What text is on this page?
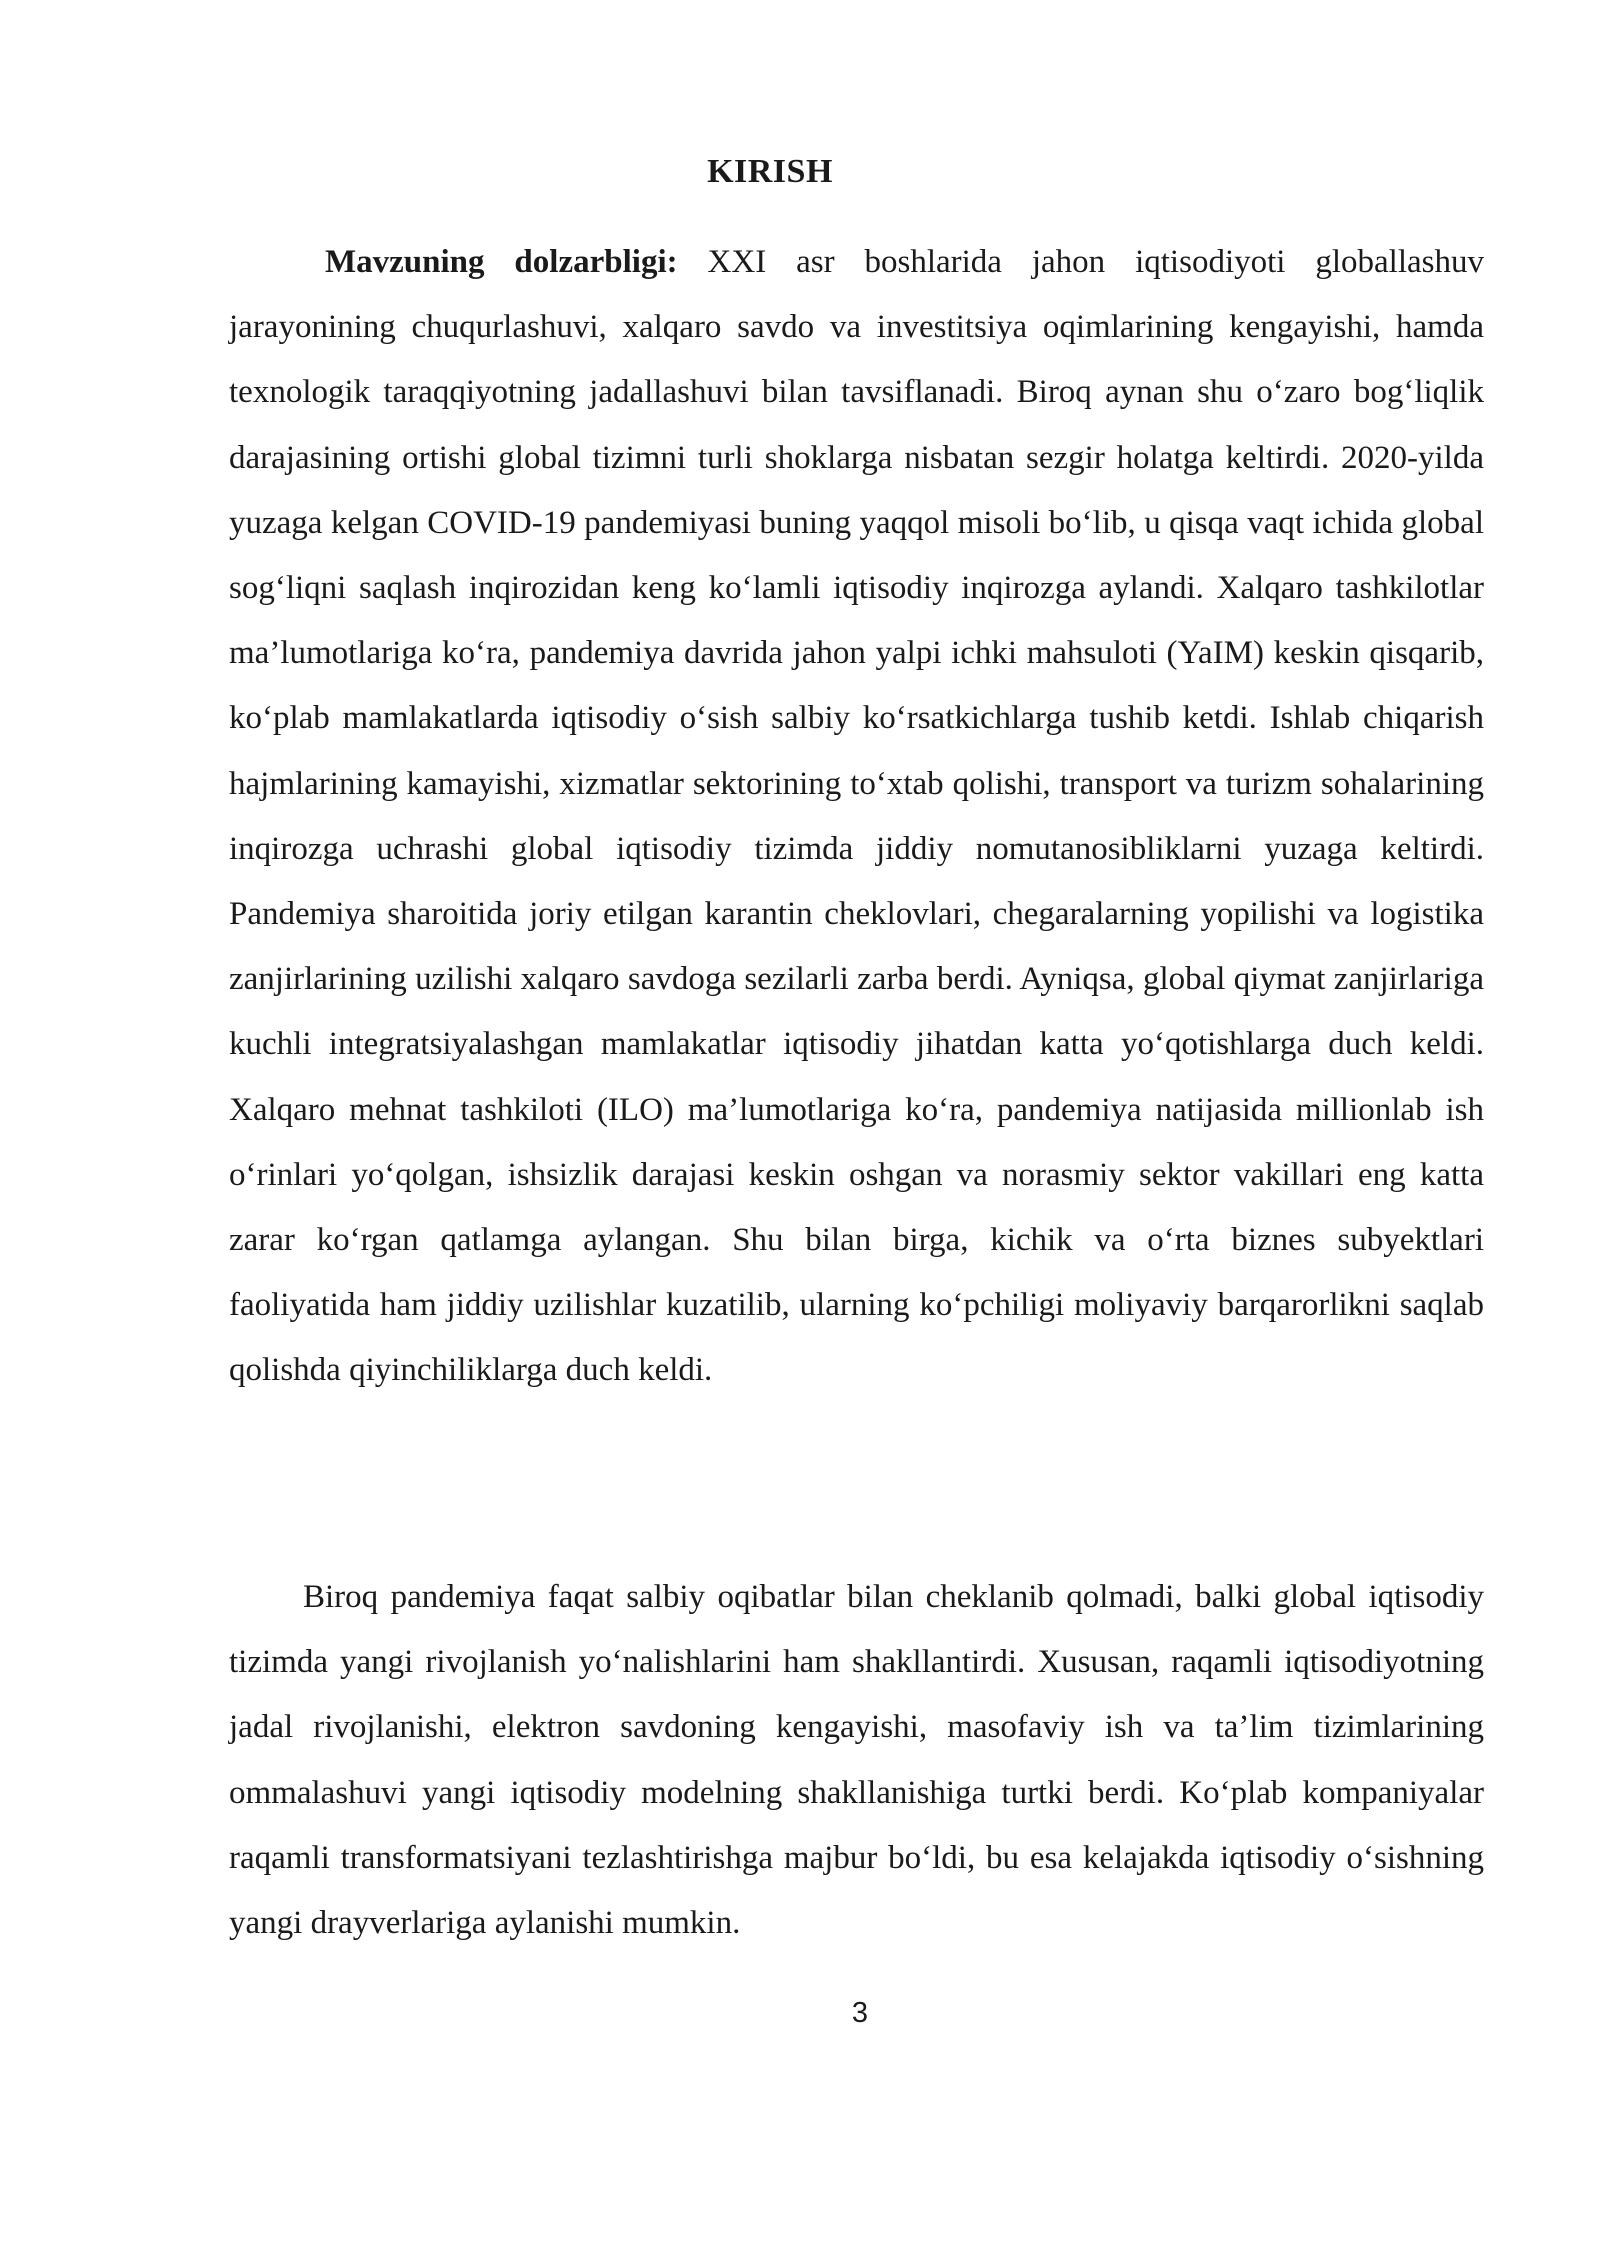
KIRISH

Mavzuning dolzarbligi: XXI asr boshlarida jahon iqtisodiyoti globallashuv jarayonining chuqurlashuvi, xalqaro savdo va investitsiya oqimlarining kengayishi, hamda texnologik taraqqiyotning jadallashuvi bilan tavsiflanadi. Biroq aynan shu o‘zaro bog‘liqlik darajasining ortishi global tizimni turli shoklarga nisbatan sezgir holatga keltirdi. 2020-yilda yuzaga kelgan COVID-19 pandemiyasi buning yaqqol misoli bo‘lib, u qisqa vaqt ichida global sog‘liqni saqlash inqirozidan keng ko‘lamli iqtisodiy inqirozga aylandi. Xalqaro tashkilotlar ma’lumotlariga ko‘ra, pandemiya davrida jahon yalpi ichki mahsuloti (YaIM) keskin qisqarib, ko‘plab mamlakatlarda iqtisodiy o‘sish salbiy ko‘rsatkichlarga tushib ketdi. Ishlab chiqarish hajmlarining kamayishi, xizmatlar sektorining to‘xtab qolishi, transport va turizm sohalarining inqirozga uchrashi global iqtisodiy tizimda jiddiy nomutanosibliklarni yuzaga keltirdi. Pandemiya sharoitida joriy etilgan karantin cheklovlari, chegaralarning yopilishi va logistika zanjirlarining uzilishi xalqaro savdoga sezilarli zarba berdi. Ayniqsa, global qiymat zanjirlariga kuchli integratsiyalashgan mamlakatlar iqtisodiy jihatdan katta yo‘qotishlarga duch keldi. Xalqaro mehnat tashkiloti (ILO) ma’lumotlariga ko‘ra, pandemiya natijasida millionlab ish o‘rinlari yo‘qolgan, ishsizlik darajasi keskin oshgan va norasmiy sektor vakillari eng katta zarar ko‘rgan qatlamga aylangan. Shu bilan birga, kichik va o‘rta biznes subyektlari faoliyatida ham jiddiy uzilishlar kuzatilib, ularning ko‘pchiligi moliyaviy barqarorlikni saqlab qolishda qiyinchiliklarga duch keldi.

Biroq pandemiya faqat salbiy oqibatlar bilan cheklanib qolmadi, balki global iqtisodiy tizimda yangi rivojlanish yo‘nalishlarini ham shakllantirdi. Xususan, raqamli iqtisodiyotning jadal rivojlanishi, elektron savdoning kengayishi, masofaviy ish va ta’lim tizimlarining ommalashuvi yangi iqtisodiy modelning shakllanishiga turtki berdi. Ko‘plab kompaniyalar raqamli transformatsiyani tezlashtirishga majbur bo‘ldi, bu esa kelajakda iqtisodiy o‘sishning yangi drayverlariga aylanishi mumkin.

3
